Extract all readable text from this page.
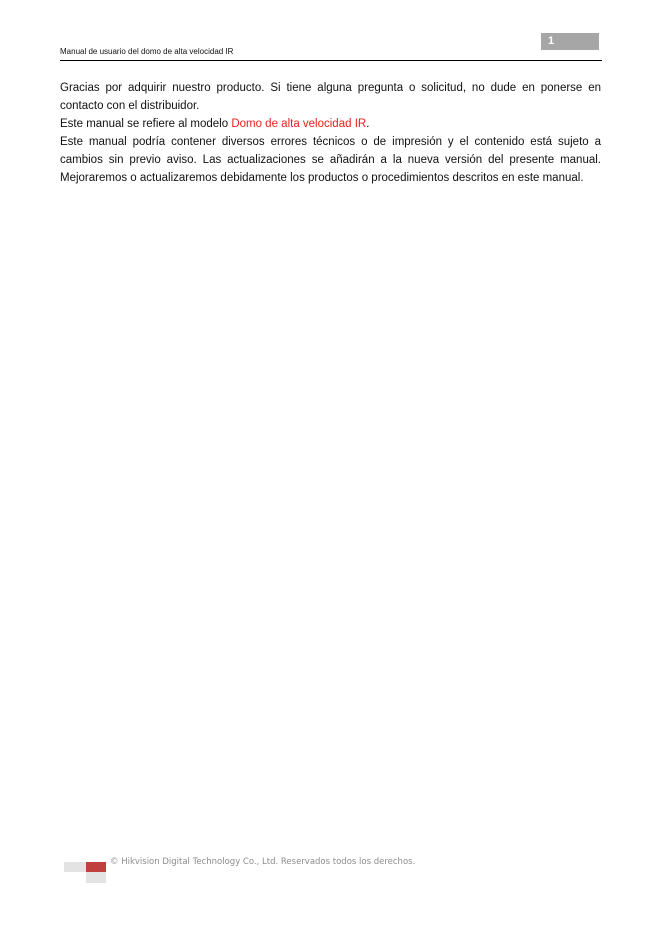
1
Manual de usuario del domo de alta velocidad IR

Gracias por adquirir nuestro producto. Si tiene alguna pregunta o solicitud, no dude en ponerse en contacto con el distribuidor.

Este manual se refiere al modelo Domo de alta velocidad IR.

Este manual podría contener diversos errores técnicos o de impresión y el contenido está sujeto a cambios sin previo aviso. Las actualizaciones se añadirán a la nueva versión del presente manual. Mejoraremos o actualizaremos debidamente los productos o procedimientos descritos en este manual.

© Hikvision Digital Technology Co., Ltd. Reservados todos los derechos.
